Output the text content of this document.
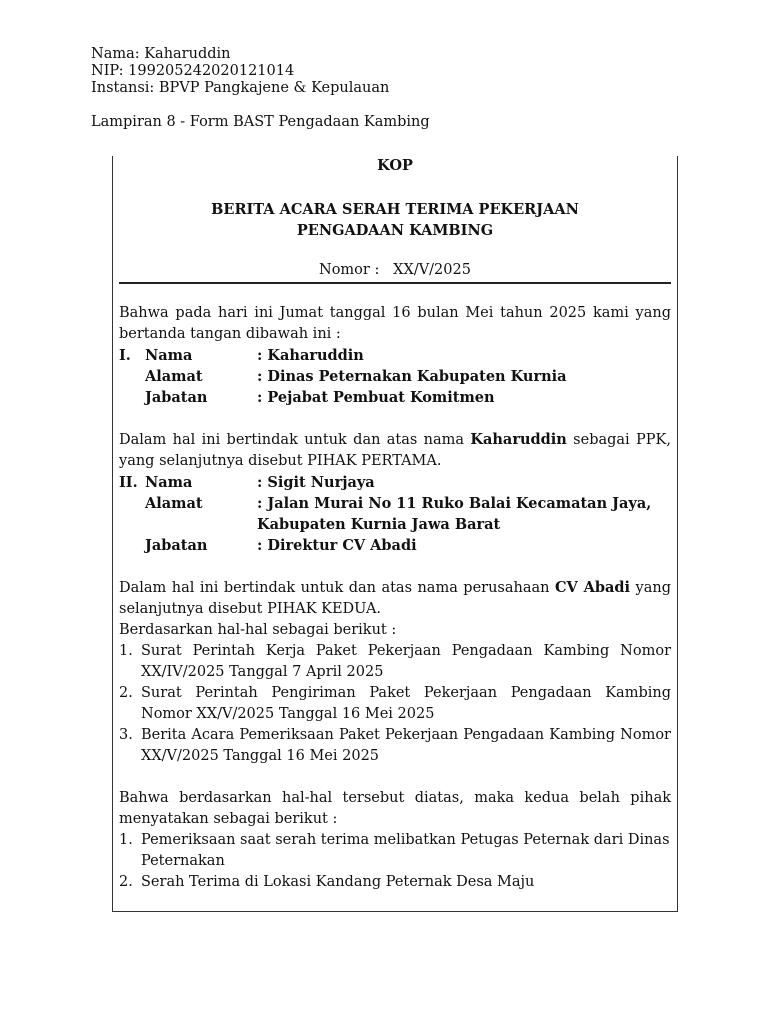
Nama: Kaharuddin
NIP: 199205242020121014
Instansi: BPVP Pangkajene & Kepulauan
Lampiran 8 - Form BAST Pengadaan Kambing
KOP
BERITA ACARA SERAH TERIMA PEKERJAAN
PENGADAAN KAMBING
Nomor : XX/V/2025
Bahwa pada hari ini Jumat tanggal 16 bulan Mei tahun 2025 kami yang bertanda tangan dibawah ini :
I.	Nama	: Kaharuddin
	Alamat	: Dinas Peternakan Kabupaten Kurnia
	Jabatan	: Pejabat Pembuat Komitmen
Dalam hal ini bertindak untuk dan atas nama Kaharuddin sebagai PPK, yang selanjutnya disebut PIHAK PERTAMA.
II.	Nama	: Sigit Nurjaya
	Alamat	: Jalan Murai No 11 Ruko Balai Kecamatan Jaya, Kabupaten Kurnia Jawa Barat
	Jabatan	: Direktur CV Abadi
Dalam hal ini bertindak untuk dan atas nama perusahaan CV Abadi yang selanjutnya disebut PIHAK KEDUA.
Berdasarkan hal-hal sebagai berikut :
1. Surat Perintah Kerja Paket Pekerjaan Pengadaan Kambing Nomor XX/IV/2025 Tanggal 7 April 2025
2. Surat Perintah Pengiriman Paket Pekerjaan Pengadaan Kambing Nomor XX/V/2025 Tanggal 16 Mei 2025
3. Berita Acara Pemeriksaan Paket Pekerjaan Pengadaan Kambing Nomor XX/V/2025 Tanggal 16 Mei 2025
Bahwa berdasarkan hal-hal tersebut diatas, maka kedua belah pihak menyatakan sebagai berikut :
1. Pemeriksaan saat serah terima melibatkan Petugas Peternak dari Dinas Peternakan
2. Serah Terima di Lokasi Kandang Peternak Desa Maju
